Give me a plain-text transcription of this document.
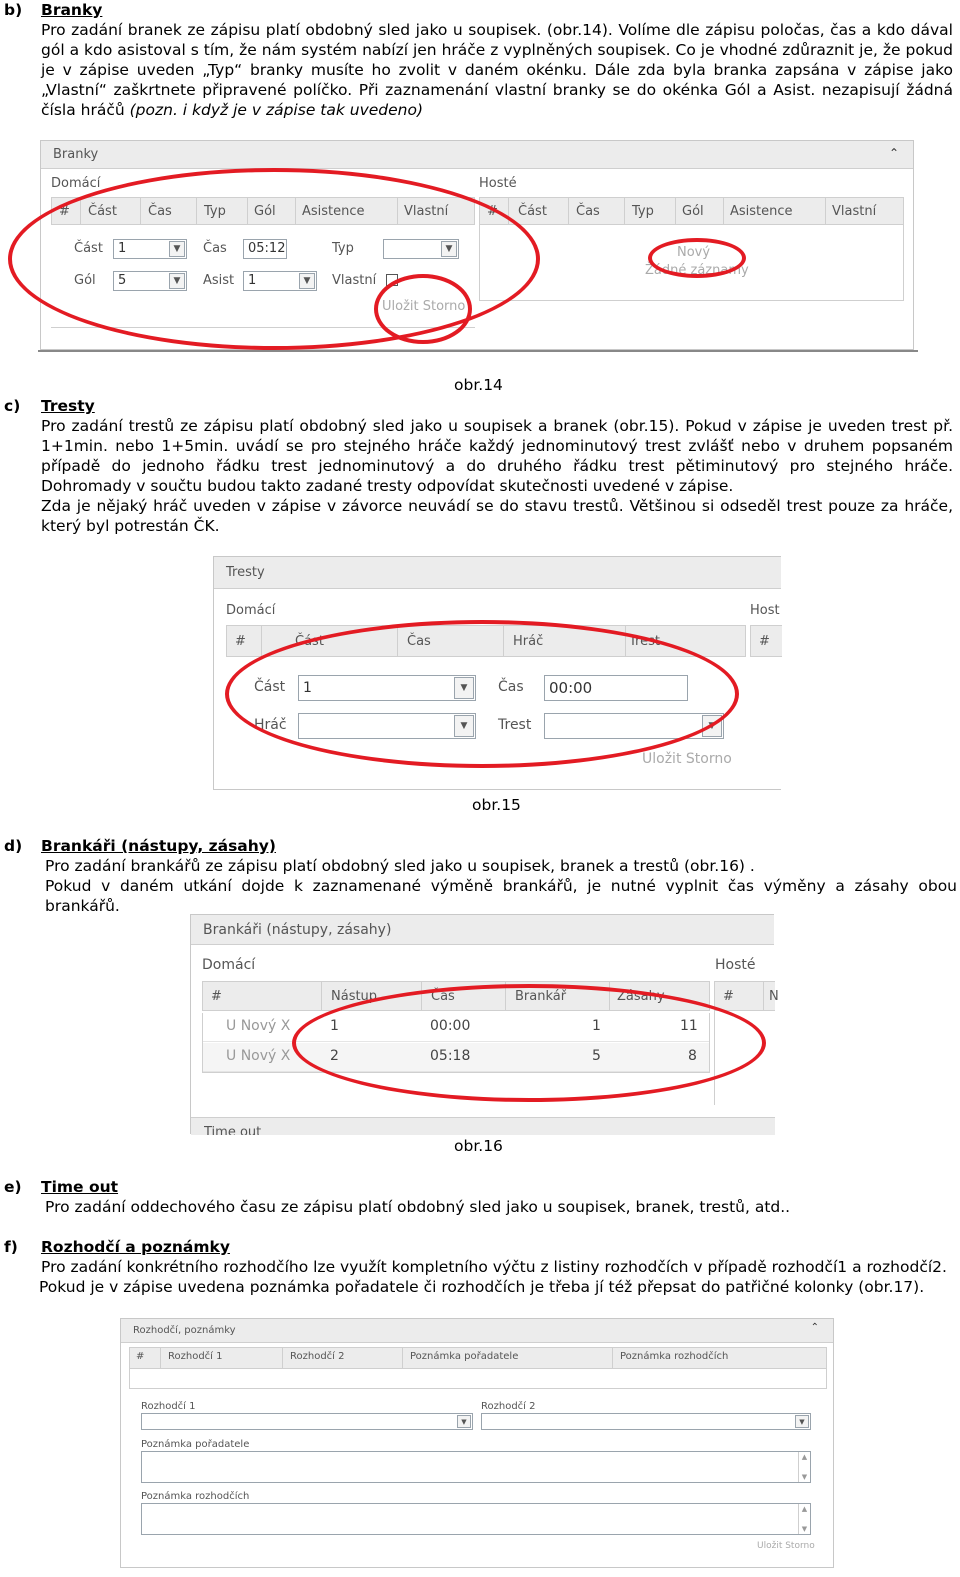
b) Branky
Pro zadání branek ze zápisu platí obdobný sled jako u soupisek. (obr.14). Volíme dle zápisu poločas, čas a kdo dával gól a kdo asistoval s tím, že nám systém nabízí jen hráče z vyplněných soupisek. Co je vhodné zdůraznit je, že pokud je v zápise uveden „Typ“ branky musíte ho zvolit v daném okénku. Dále zda byla branka zapsána v zápise jako „Vlastní“ zaškrtnete připravené políčko. Při zaznamenání vlastní branky se do okénka Gól a Asist. nezapisují žádná čísla hráčů (pozn. i když je v zápise tak uvedeno)
Branky	⌃
Domácí	Hosté
# Část Čas Typ Gól Asistence	Vlastní
Část	1	▼	Čas	05:12	Typ	▼
Gól	5	▼	Asist	1	▼	Vlastní
Uložit Storno
# Část Čas Typ Gól Asistence	Vlastní
Nový
Žádné záznamy
obr.14
c) Tresty
Pro zadání trestů ze zápisu platí obdobný sled jako u soupisek a branek (obr.15). Pokud v zápise je uveden trest př. 1+1min. nebo 1+5min. uvádí se pro stejného hráče každý jednominutový trest zvlášť nebo v druhem popsaném případě do jednoho řádku trest jednominutový a do druhého řádku trest pětiminutový pro stejného hráče. Dohromady v součtu budou takto zadané tresty odpovídat skutečnosti uvedené v zápise.
Zda je nějaký hráč uveden v zápise v závorce neuvádí se do stavu trestů. Většinou si odseděl trest pouze za hráče, který byl potrestán ČK.
Tresty
Domácí	Host
#	Část	Čas	Hráč	Trest	#
Část	1	▼	Čas	00:00
Hráč	▼	Trest	▼
Uložit Storno
obr.15
d) Brankáři (nástupy, zásahy)
Pro zadání brankářů ze zápisu platí obdobný sled jako u soupisek, branek a trestů (obr.16) .
Pokud v daném utkání dojde k zaznamenané výměně brankářů, je nutné vyplnit čas výměny a zásahy obou brankářů.
Brankáři (nástupy, zásahy)
Domácí	Hosté
#	Nástup	Čas	Brankář	Zásahy	#	N
U Nový X	1	00:00	1	11
U Nový X	2	05:18	5	8
Time out
obr.16
e) Time out
Pro zadání oddechového času ze zápisu platí obdobný sled jako u soupisek, branek, trestů, atd..
f) Rozhodčí a poznámky
Pro zadání konkrétního rozhodčího lze využít kompletního výčtu z listiny rozhodčích v případě rozhodčí1 a rozhodčí2.
Pokud je v zápise uvedena poznámka pořadatele či rozhodčích je třeba jí též přepsat do patřičné kolonky (obr.17).
Rozhodčí, poznámky	⌃
# Rozhodčí 1	Rozhodčí 2	Poznámka pořadatele	Poznámka rozhodčích
Rozhodčí 1
▼
Rozhodčí 2
▼
Poznámka pořadatele
▲

▼
Poznámka rozhodčích
▲

▼
Uložit Storno
